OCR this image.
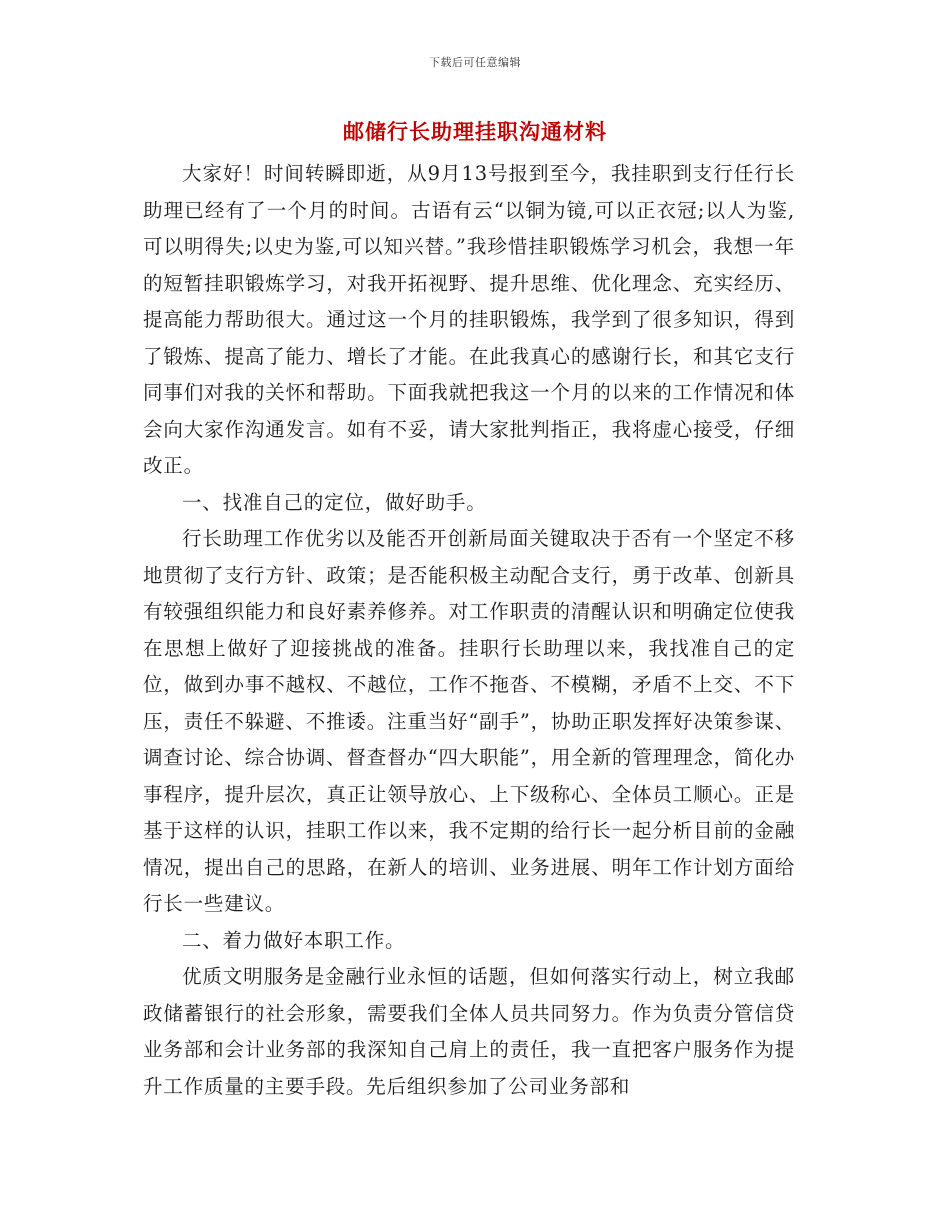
下载后可任意编辑
邮储行长助理挂职沟通材料

大家好！时间转瞬即逝，从9月13号报到至今，我挂职到支行任行长助理已经有了一个月的时间。古语有云“以铜为镜,可以正衣冠;以人为鉴,可以明得失;以史为鉴,可以知兴替。”我珍惜挂职锻炼学习机会，我想一年的短暂挂职锻炼学习，对我开拓视野、提升思维、优化理念、充实经历、提高能力帮助很大。通过这一个月的挂职锻炼，我学到了很多知识，得到了锻炼、提高了能力、增长了才能。在此我真心的感谢行长，和其它支行同事们对我的关怀和帮助。下面我就把我这一个月的以来的工作情况和体会向大家作沟通发言。如有不妥，请大家批判指正，我将虚心接受，仔细改正。

一、找准自己的定位，做好助手。

行长助理工作优劣以及能否开创新局面关键取决于否有一个坚定不移地贯彻了支行方针、政策；是否能积极主动配合支行，勇于改革、创新具有较强组织能力和良好素养修养。对工作职责的清醒认识和明确定位使我在思想上做好了迎接挑战的准备。挂职行长助理以来，我找准自己的定位，做到办事不越权、不越位，工作不拖沓、不模糊，矛盾不上交、不下压，责任不躲避、不推诿。注重当好“副手”，协助正职发挥好决策参谋、调查讨论、综合协调、督查督办“四大职能”，用全新的管理理念，简化办事程序，提升层次，真正让领导放心、上下级称心、全体员工顺心。正是基于这样的认识，挂职工作以来，我不定期的给行长一起分析目前的金融情况，提出自己的思路，在新人的培训、业务进展、明年工作计划方面给行长一些建议。

二、着力做好本职工作。

优质文明服务是金融行业永恒的话题，但如何落实行动上，树立我邮政储蓄银行的社会形象，需要我们全体人员共同努力。作为负责分管信贷业务部和会计业务部的我深知自己肩上的责任，我一直把客户服务作为提升工作质量的主要手段。先后组织参加了公司业务部和
